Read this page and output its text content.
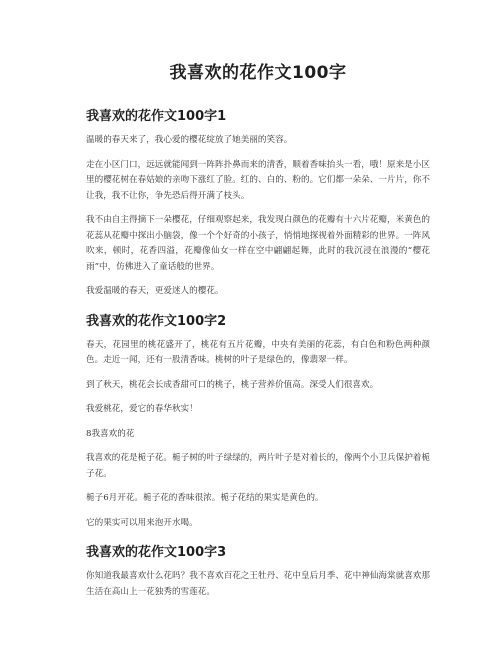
我喜欢的花作文100字
我喜欢的花作文100字1

温暖的春天来了，我心爱的樱花绽放了她美丽的笑容。

走在小区门口，远远就能闻到一阵阵扑鼻而来的清香，顺着香味抬头一看，哦！原来是小区里的樱花树在春姑娘的亲吻下涨红了脸。红的、白的、粉的。它们都一朵朵、一片片，你不让我，我不让你，争先恐后得开满了枝头。

我不由自主得摘下一朵樱花，仔细观察起来，我发现白颜色的花瓣有十六片花瓣，米黄色的花蕊从花瓣中探出小脑袋，像一个个好奇的小孩子，悄悄地探视着外面精彩的世界。一阵风吹来，顿时，花香四溢，花瓣像仙女一样在空中翩翩起舞，此时的我沉浸在浪漫的“樱花雨”中，仿佛进入了童话般的世界。

我爱温暖的春天，更爱迷人的樱花。

我喜欢的花作文100字2

春天，花园里的桃花盛开了，桃花有五片花瓣，中央有美丽的花蕊，有白色和粉色两种颜色。走近一闻，还有一股清香味。桃树的叶子是绿色的，像翡翠一样。

到了秋天，桃花会长成香甜可口的桃子，桃子营养价值高。深受人们很喜欢。

我爱桃花，爱它的春华秋实！

8我喜欢的花

我喜欢的花是栀子花。栀子树的叶子绿绿的，两片叶子是对着长的，像两个小卫兵保护着栀子花。

栀子6月开花。栀子花的香味很浓。栀子花结的果实是黄色的。

它的果实可以用来泡开水喝。

我喜欢的花作文100字3

你知道我最喜欢什么花吗？我不喜欢百花之王牡丹、花中皇后月季、花中神仙海棠就喜欢那生活在高山上一花独秀的雪莲花。
